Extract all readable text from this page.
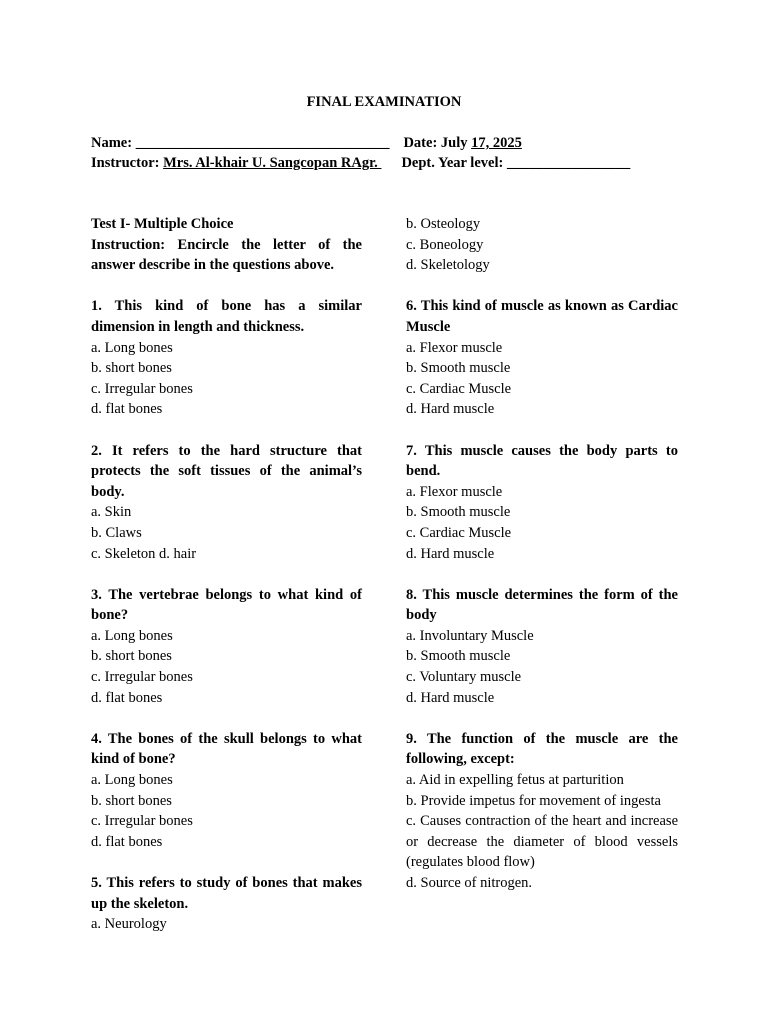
FINAL EXAMINATION
Name: ___________________________________ Date: July 17, 2025
Instructor: Mrs. Al-khair U. Sangcopan RAgr. Dept. Year level: _________________
Test I- Multiple Choice
Instruction: Encircle the letter of the answer describe in the questions above.
1. This kind of bone has a similar dimension in length and thickness.
a. Long bones
b. short bones
c. Irregular bones
d. flat bones
2. It refers to the hard structure that protects the soft tissues of the animal’s body.
a. Skin
b. Claws
c. Skeleton d. hair
3. The vertebrae belongs to what kind of bone?
a. Long bones
b. short bones
c. Irregular bones
d. flat bones
4. The bones of the skull belongs to what kind of bone?
a. Long bones
b. short bones
c. Irregular bones
d. flat bones
5. This refers to study of bones that makes up the skeleton.
a. Neurology
b. Osteology
c. Boneology
d. Skeletology
6. This kind of muscle as known as Cardiac Muscle
a. Flexor muscle
b. Smooth muscle
c. Cardiac Muscle
d. Hard muscle
7. This muscle causes the body parts to bend.
a. Flexor muscle
b. Smooth muscle
c. Cardiac Muscle
d. Hard muscle
8. This muscle determines the form of the body
a. Involuntary Muscle
b. Smooth muscle
c. Voluntary muscle
d. Hard muscle
9. The function of the muscle are the following, except:
a. Aid in expelling fetus at parturition
b. Provide impetus for movement of ingesta
c. Causes contraction of the heart and increase or decrease the diameter of blood vessels (regulates blood flow)
d. Source of nitrogen.
